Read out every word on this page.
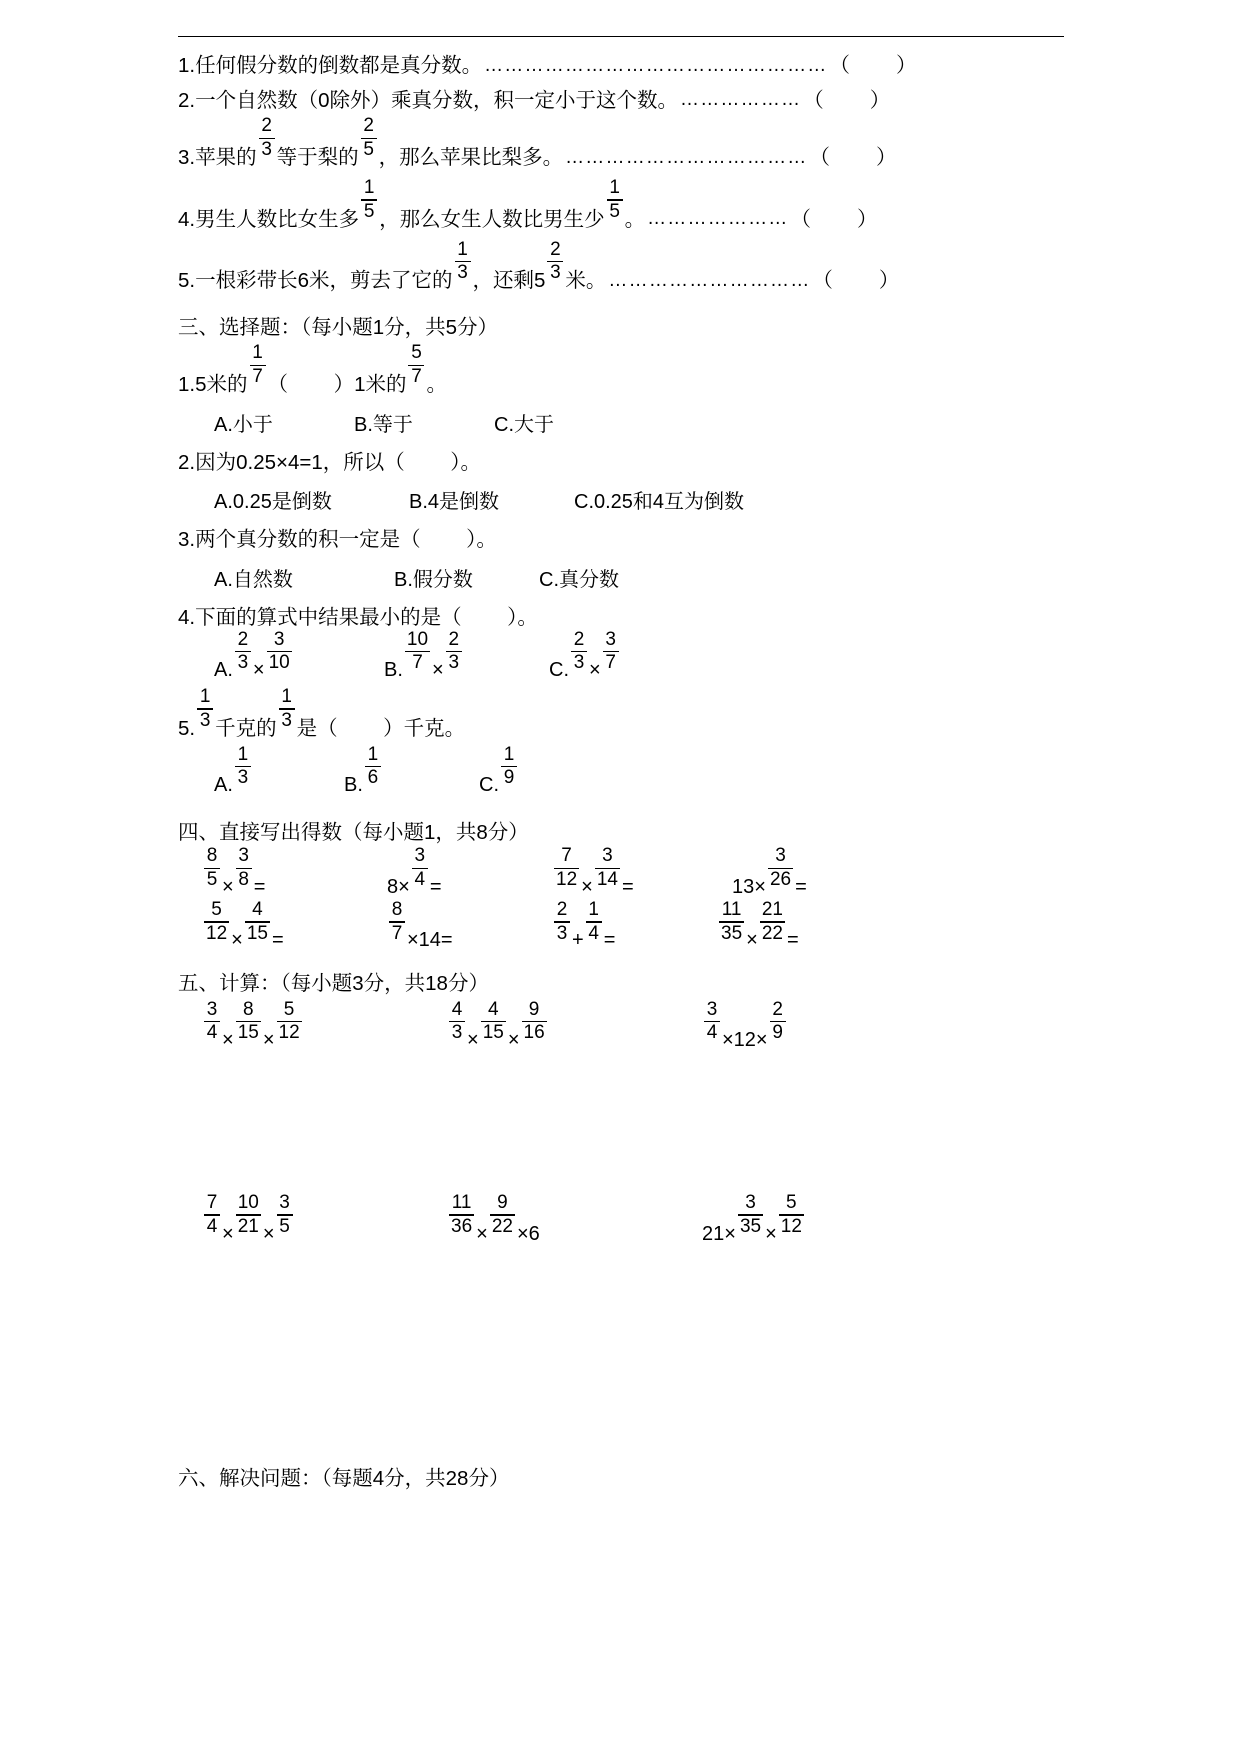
1. 任何假分数的倒数都是真分数。 …………………………………………… （ ）
2. 一个自然数（0除外）乘真分数，积一定小于这个数。 ……………… （ ）
3. 苹果的 $\frac{2}{3}$ 等于梨的 $\frac{2}{5}$ ，那么苹果比梨多。 ……………………………… （ ）
4. 男生人数比女生多 $\frac{1}{5}$ ，那么女生人数比男生少 $\frac{1}{5}$ 。 ………………… （ ）
5. 一根彩带长6米，剪去了它的 $\frac{1}{3}$ ，还剩$5 \frac{2}{3}$ 米。 ………………………… （ ）
三、选择题：（每小题1分，共5分）
1. 5米的 $\frac{1}{7}$ （        ）1米的 $\frac{5}{7}$ 。
A.小于	B.等于	C.大于
2.因为0.25×4=1，所以（        ）。
A.0.25是倒数	B.4是倒数	C.0.25和4互为倒数
3.两个真分数的积一定是（        ）。
A.自然数	B.假分数	C.真分数
4.下面的算式中结果最小的是（        ）。
A. $\frac{2}{3} \times \frac{3}{10}$	B. $\frac{10}{7} \times \frac{2}{3}$	C. $\frac{2}{3} \times \frac{3}{7}$
5. $\frac{1}{3}$ 千克的 $\frac{1}{3}$ 是（        ）千克。
A. $\frac{1}{3}$	B. $\frac{1}{6}$	C. $\frac{1}{9}$
四、直接写出得数（每小题1，共8分）
$\frac{8}{5} \times \frac{3}{8}$ =	$8\times \frac{3}{4}$ =	$\frac{7}{12} \times \frac{3}{14}$ =	$13\times \frac{3}{26}$ =
$\frac{5}{12} \times \frac{4}{15}$ =	$\frac{8}{7} \times 14=$	$\frac{2}{3} + \frac{1}{4}$ =	$\frac{11}{35} \times \frac{21}{22}$ =
五、计算：（每小题3分，共18分）
$\frac{3}{4} \times \frac{8}{15} \times \frac{5}{12}$	$\frac{4}{3} \times \frac{4}{15} \times \frac{9}{16}$	$\frac{3}{4} \times 12\times \frac{2}{9}$
$\frac{7}{4} \times \frac{10}{21} \times \frac{3}{5}$	$\frac{11}{36} \times \frac{9}{22} \times 6$	$21\times \frac{3}{35} \times \frac{5}{12}$
六、解决问题：（每题4分，共28分）
